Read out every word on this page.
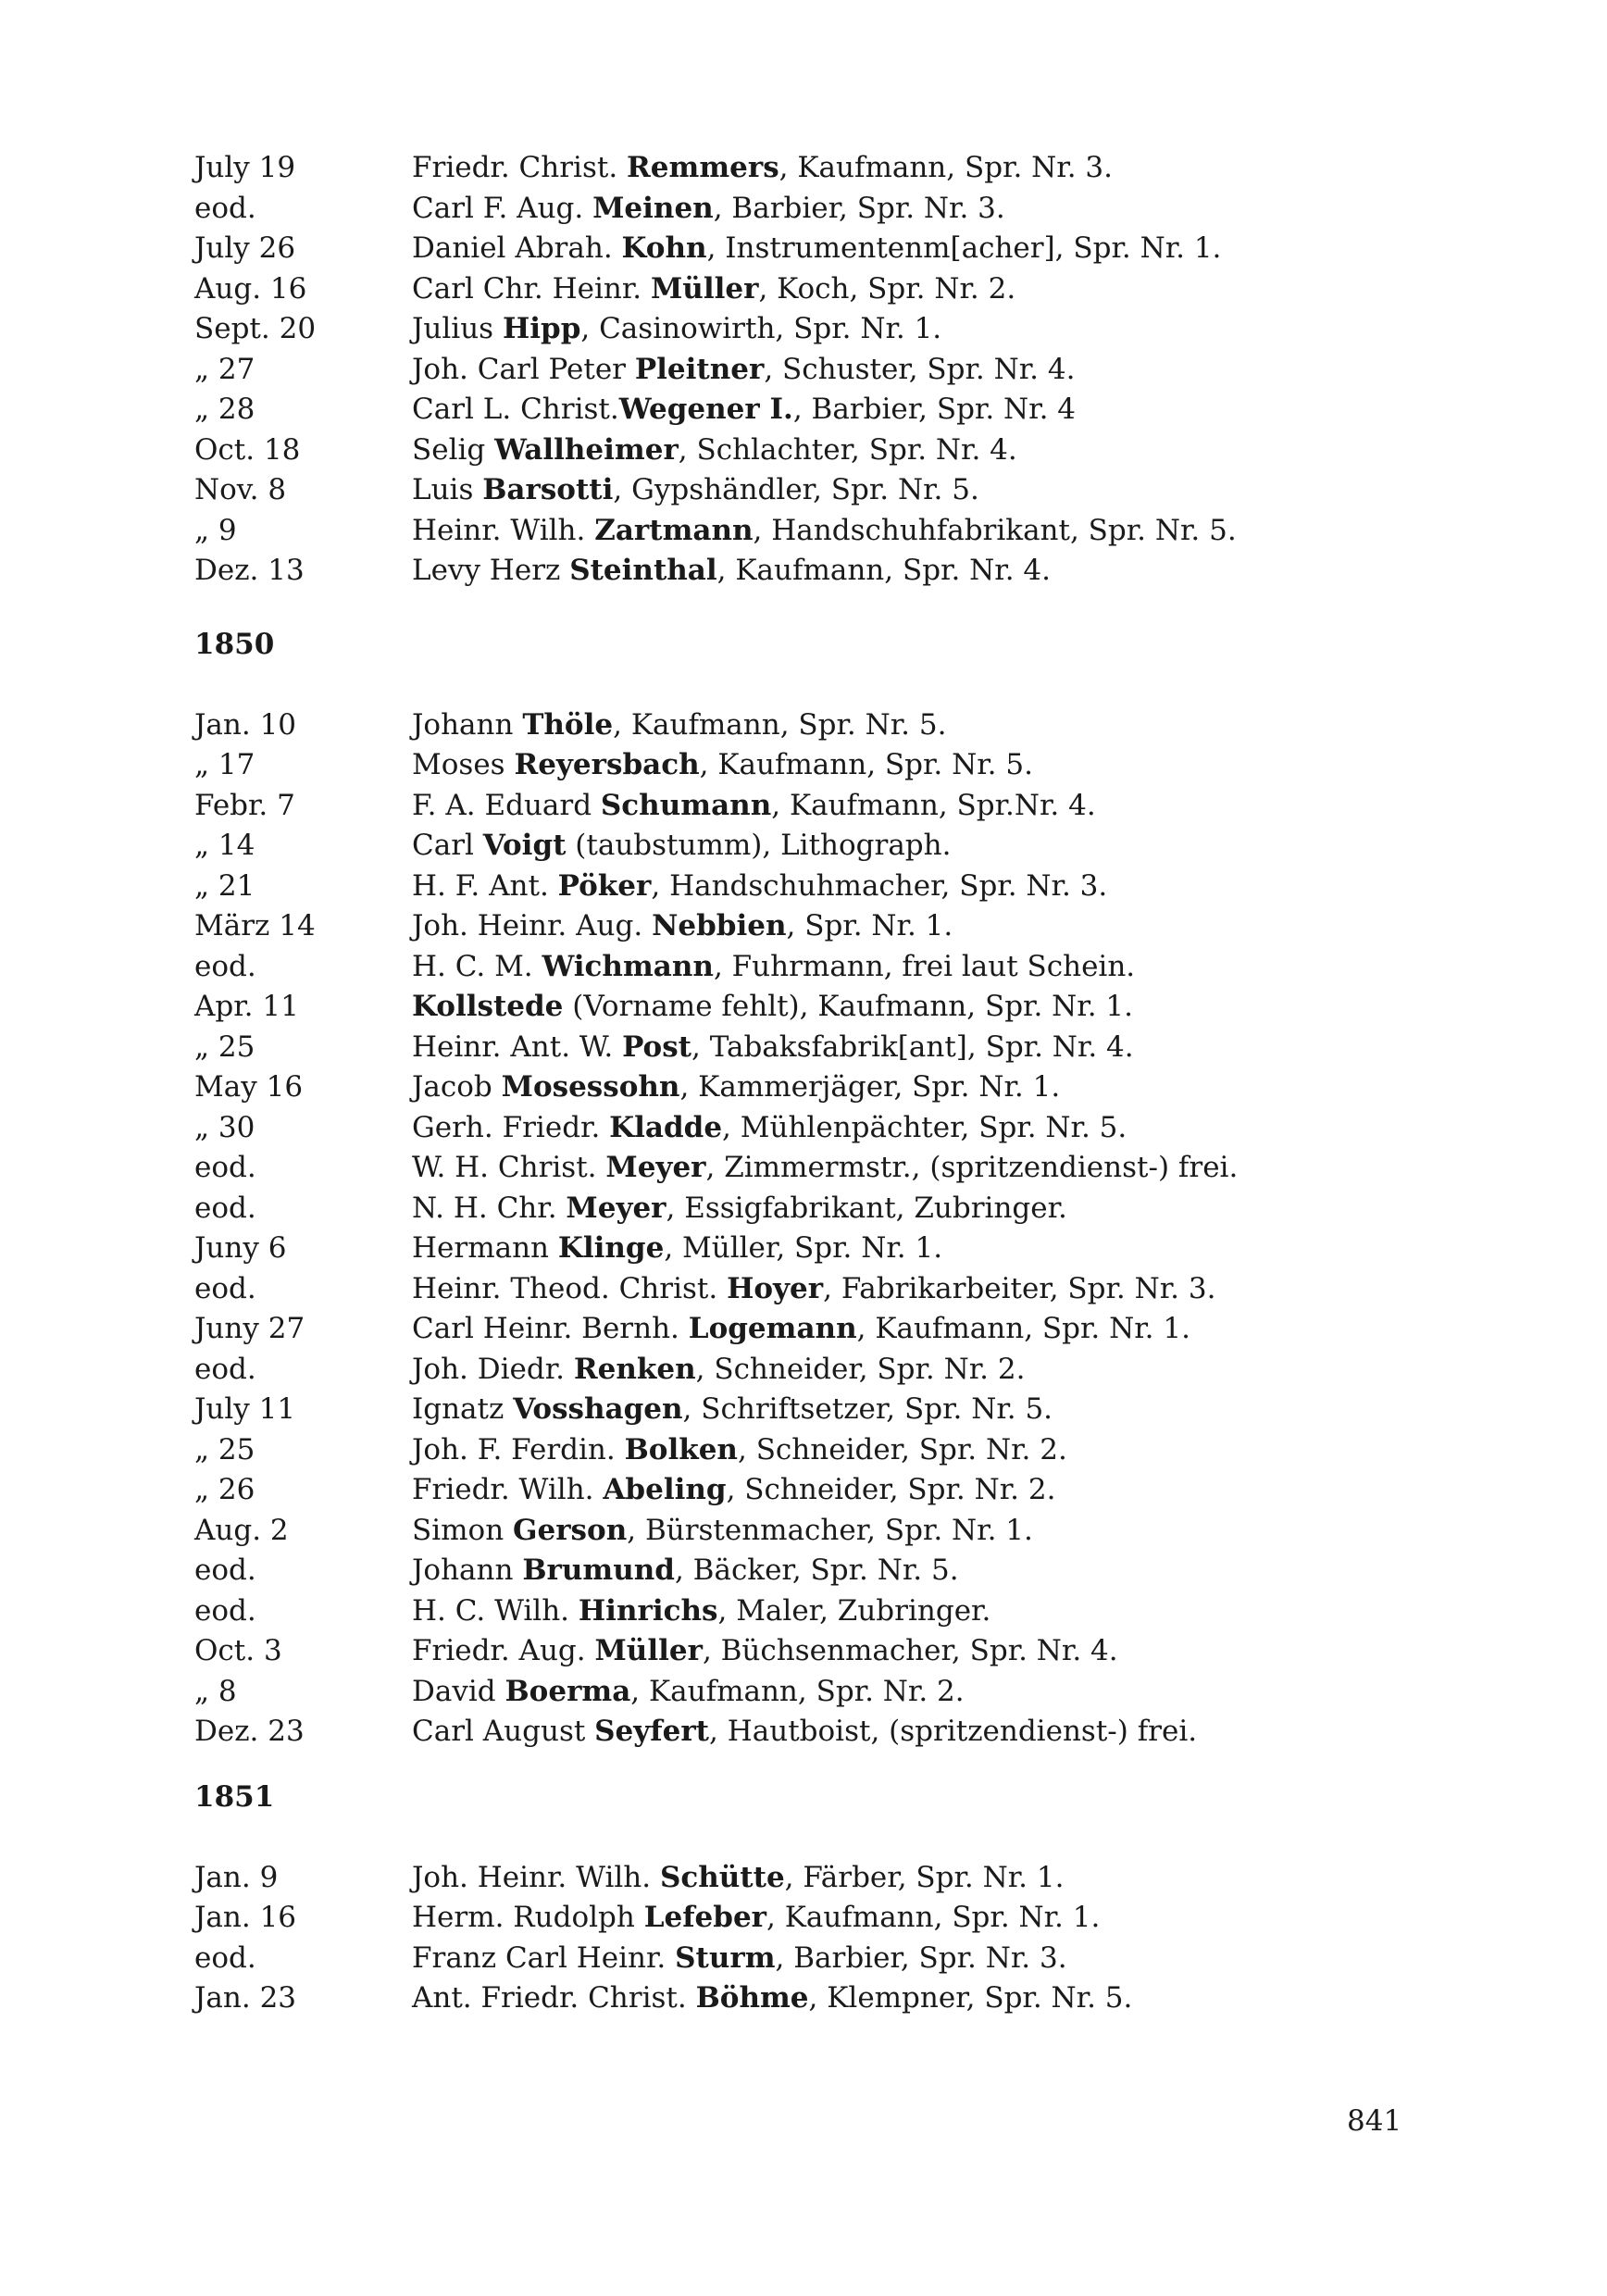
July 19	Friedr. Christ. Remmers, Kaufmann, Spr. Nr. 3.
eod.	Carl F. Aug. Meinen, Barbier, Spr. Nr. 3.
July 26	Daniel Abrah. Kohn, Instrumentenm[acher], Spr. Nr. 1.
Aug. 16	Carl Chr. Heinr. Müller, Koch, Spr. Nr. 2.
Sept. 20	Julius Hipp, Casinowirth, Spr. Nr. 1.
„ 27	Joh. Carl Peter Pleitner, Schuster, Spr. Nr. 4.
„ 28	Carl L. Christ.Wegener I., Barbier, Spr. Nr. 4
Oct. 18	Selig Wallheimer, Schlachter, Spr. Nr. 4.
Nov. 8	Luis Barsotti, Gypshändler, Spr. Nr. 5.
„ 9	Heinr. Wilh. Zartmann, Handschuhfabrikant, Spr. Nr. 5.
Dez. 13	Levy Herz Steinthal, Kaufmann, Spr. Nr. 4.
1850
Jan. 10	Johann Thöle, Kaufmann, Spr. Nr. 5.
„ 17	Moses Reyersbach, Kaufmann, Spr. Nr. 5.
Febr. 7	F. A. Eduard Schumann, Kaufmann, Spr.Nr. 4.
„ 14	Carl Voigt (taubstumm), Lithograph.
„ 21	H. F. Ant. Pöker, Handschuhmacher, Spr. Nr. 3.
März 14	Joh. Heinr. Aug. Nebbien, Spr. Nr. 1.
eod.	H. C. M. Wichmann, Fuhrmann, frei laut Schein.
Apr. 11	Kollstede (Vorname fehlt), Kaufmann, Spr. Nr. 1.
„ 25	Heinr. Ant. W. Post, Tabaksfabrik[ant], Spr. Nr. 4.
May 16	Jacob Mosessohn, Kammerjäger, Spr. Nr. 1.
„ 30	Gerh. Friedr. Kladde, Mühlenpächter, Spr. Nr. 5.
eod.	W. H. Christ. Meyer, Zimmermstr., (spritzendienst-) frei.
eod.	N. H. Chr. Meyer, Essigfabrikant, Zubringer.
Juny 6	Hermann Klinge, Müller, Spr. Nr. 1.
eod.	Heinr. Theod. Christ. Hoyer, Fabrikarbeiter, Spr. Nr. 3.
Juny 27	Carl Heinr. Bernh. Logemann, Kaufmann, Spr. Nr. 1.
eod.	Joh. Diedr. Renken, Schneider, Spr. Nr. 2.
July 11	Ignatz Vosshagen, Schriftsetzer, Spr. Nr. 5.
„ 25	Joh. F. Ferdin. Bolken, Schneider, Spr. Nr. 2.
„ 26	Friedr. Wilh. Abeling, Schneider, Spr. Nr. 2.
Aug. 2	Simon Gerson, Bürstenmacher, Spr. Nr. 1.
eod.	Johann Brumund, Bäcker, Spr. Nr. 5.
eod.	H. C. Wilh. Hinrichs, Maler, Zubringer.
Oct. 3	Friedr. Aug. Müller, Büchsenmacher, Spr. Nr. 4.
„ 8	David Boerma, Kaufmann, Spr. Nr. 2.
Dez. 23	Carl August Seyfert, Hautboist, (spritzendienst-) frei.
1851
Jan. 9	Joh. Heinr. Wilh. Schütte, Färber, Spr. Nr. 1.
Jan. 16	Herm. Rudolph Lefeber, Kaufmann, Spr. Nr. 1.
eod.	Franz Carl Heinr. Sturm, Barbier, Spr. Nr. 3.
Jan. 23	Ant. Friedr. Christ. Böhme, Klempner, Spr. Nr. 5.
841
